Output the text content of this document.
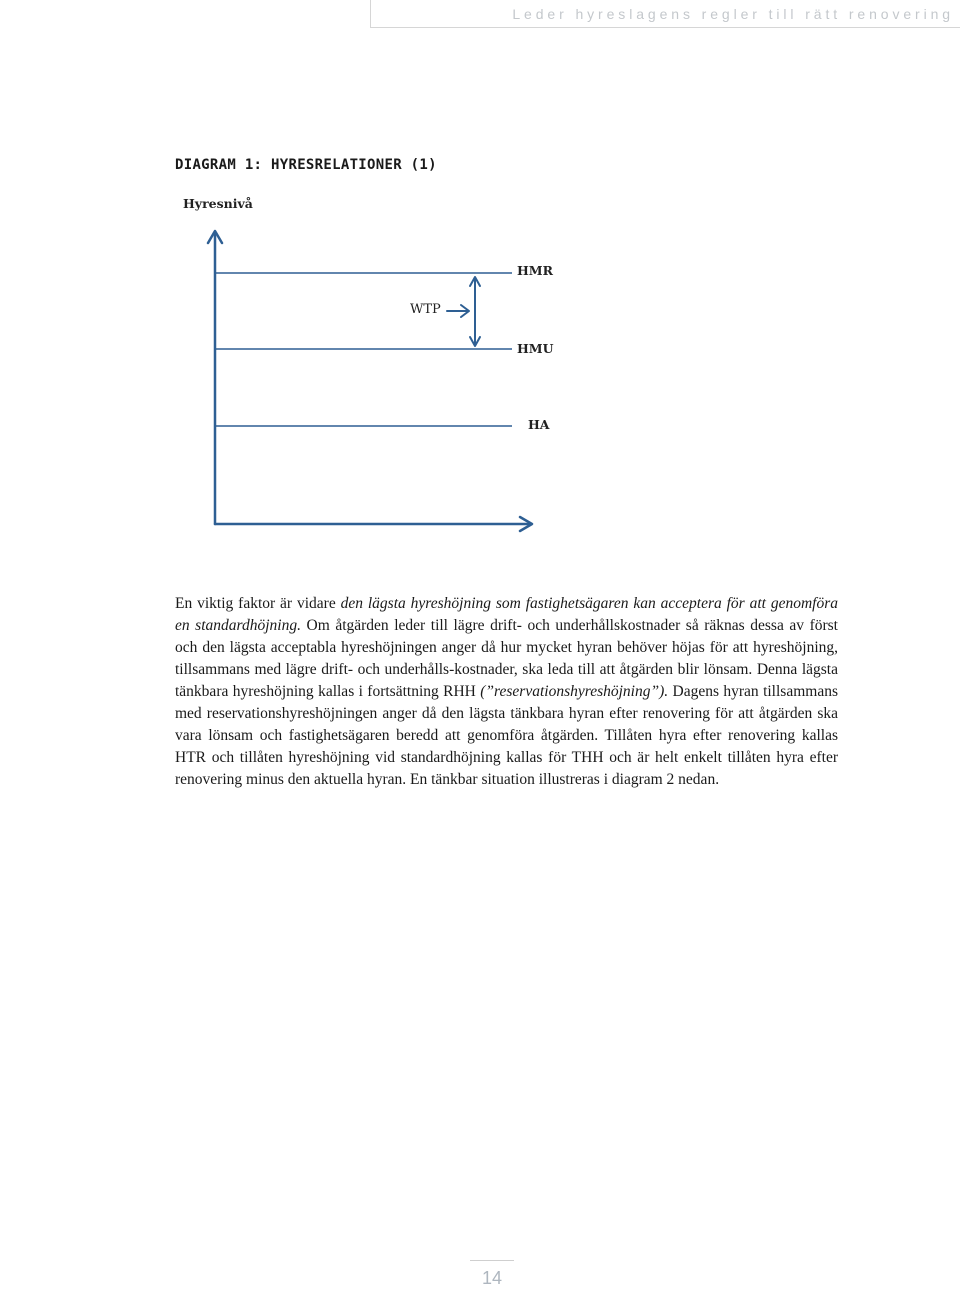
Leder hyreslagens regler till rätt renovering
DIAGRAM 1: HYRESRELATIONER (1)
Hyresnivå
HMR
WTP
HMU
HA

En viktig faktor är vidare den lägsta hyreshöjning som fastighetsägaren kan acceptera för att genomföra en standardhöjning. Om åtgärden leder till lägre drift- och underhållskostnader så räknas dessa av först och den lägsta acceptabla hyreshöjningen anger då hur mycket hyran behöver höjas för att hyreshöjning, tillsammans med lägre drift- och underhålls-kostnader, ska leda till att åtgärden blir lönsam. Denna lägsta tänkbara hyreshöjning kallas i fortsättning RHH (”reservationshyreshöjning”). Dagens hyran tillsammans med reservationshyreshöjningen anger då den lägsta tänkbara hyran efter renovering för att åtgärden ska vara lönsam och fastighetsägaren beredd att genomföra åtgärden. Tillåten hyra efter renovering kallas HTR och tillåten hyreshöjning vid standardhöjning kallas för THH och är helt enkelt tillåten hyra efter renovering minus den aktuella hyran. En tänkbar situation illustreras i diagram 2 nedan.

14
